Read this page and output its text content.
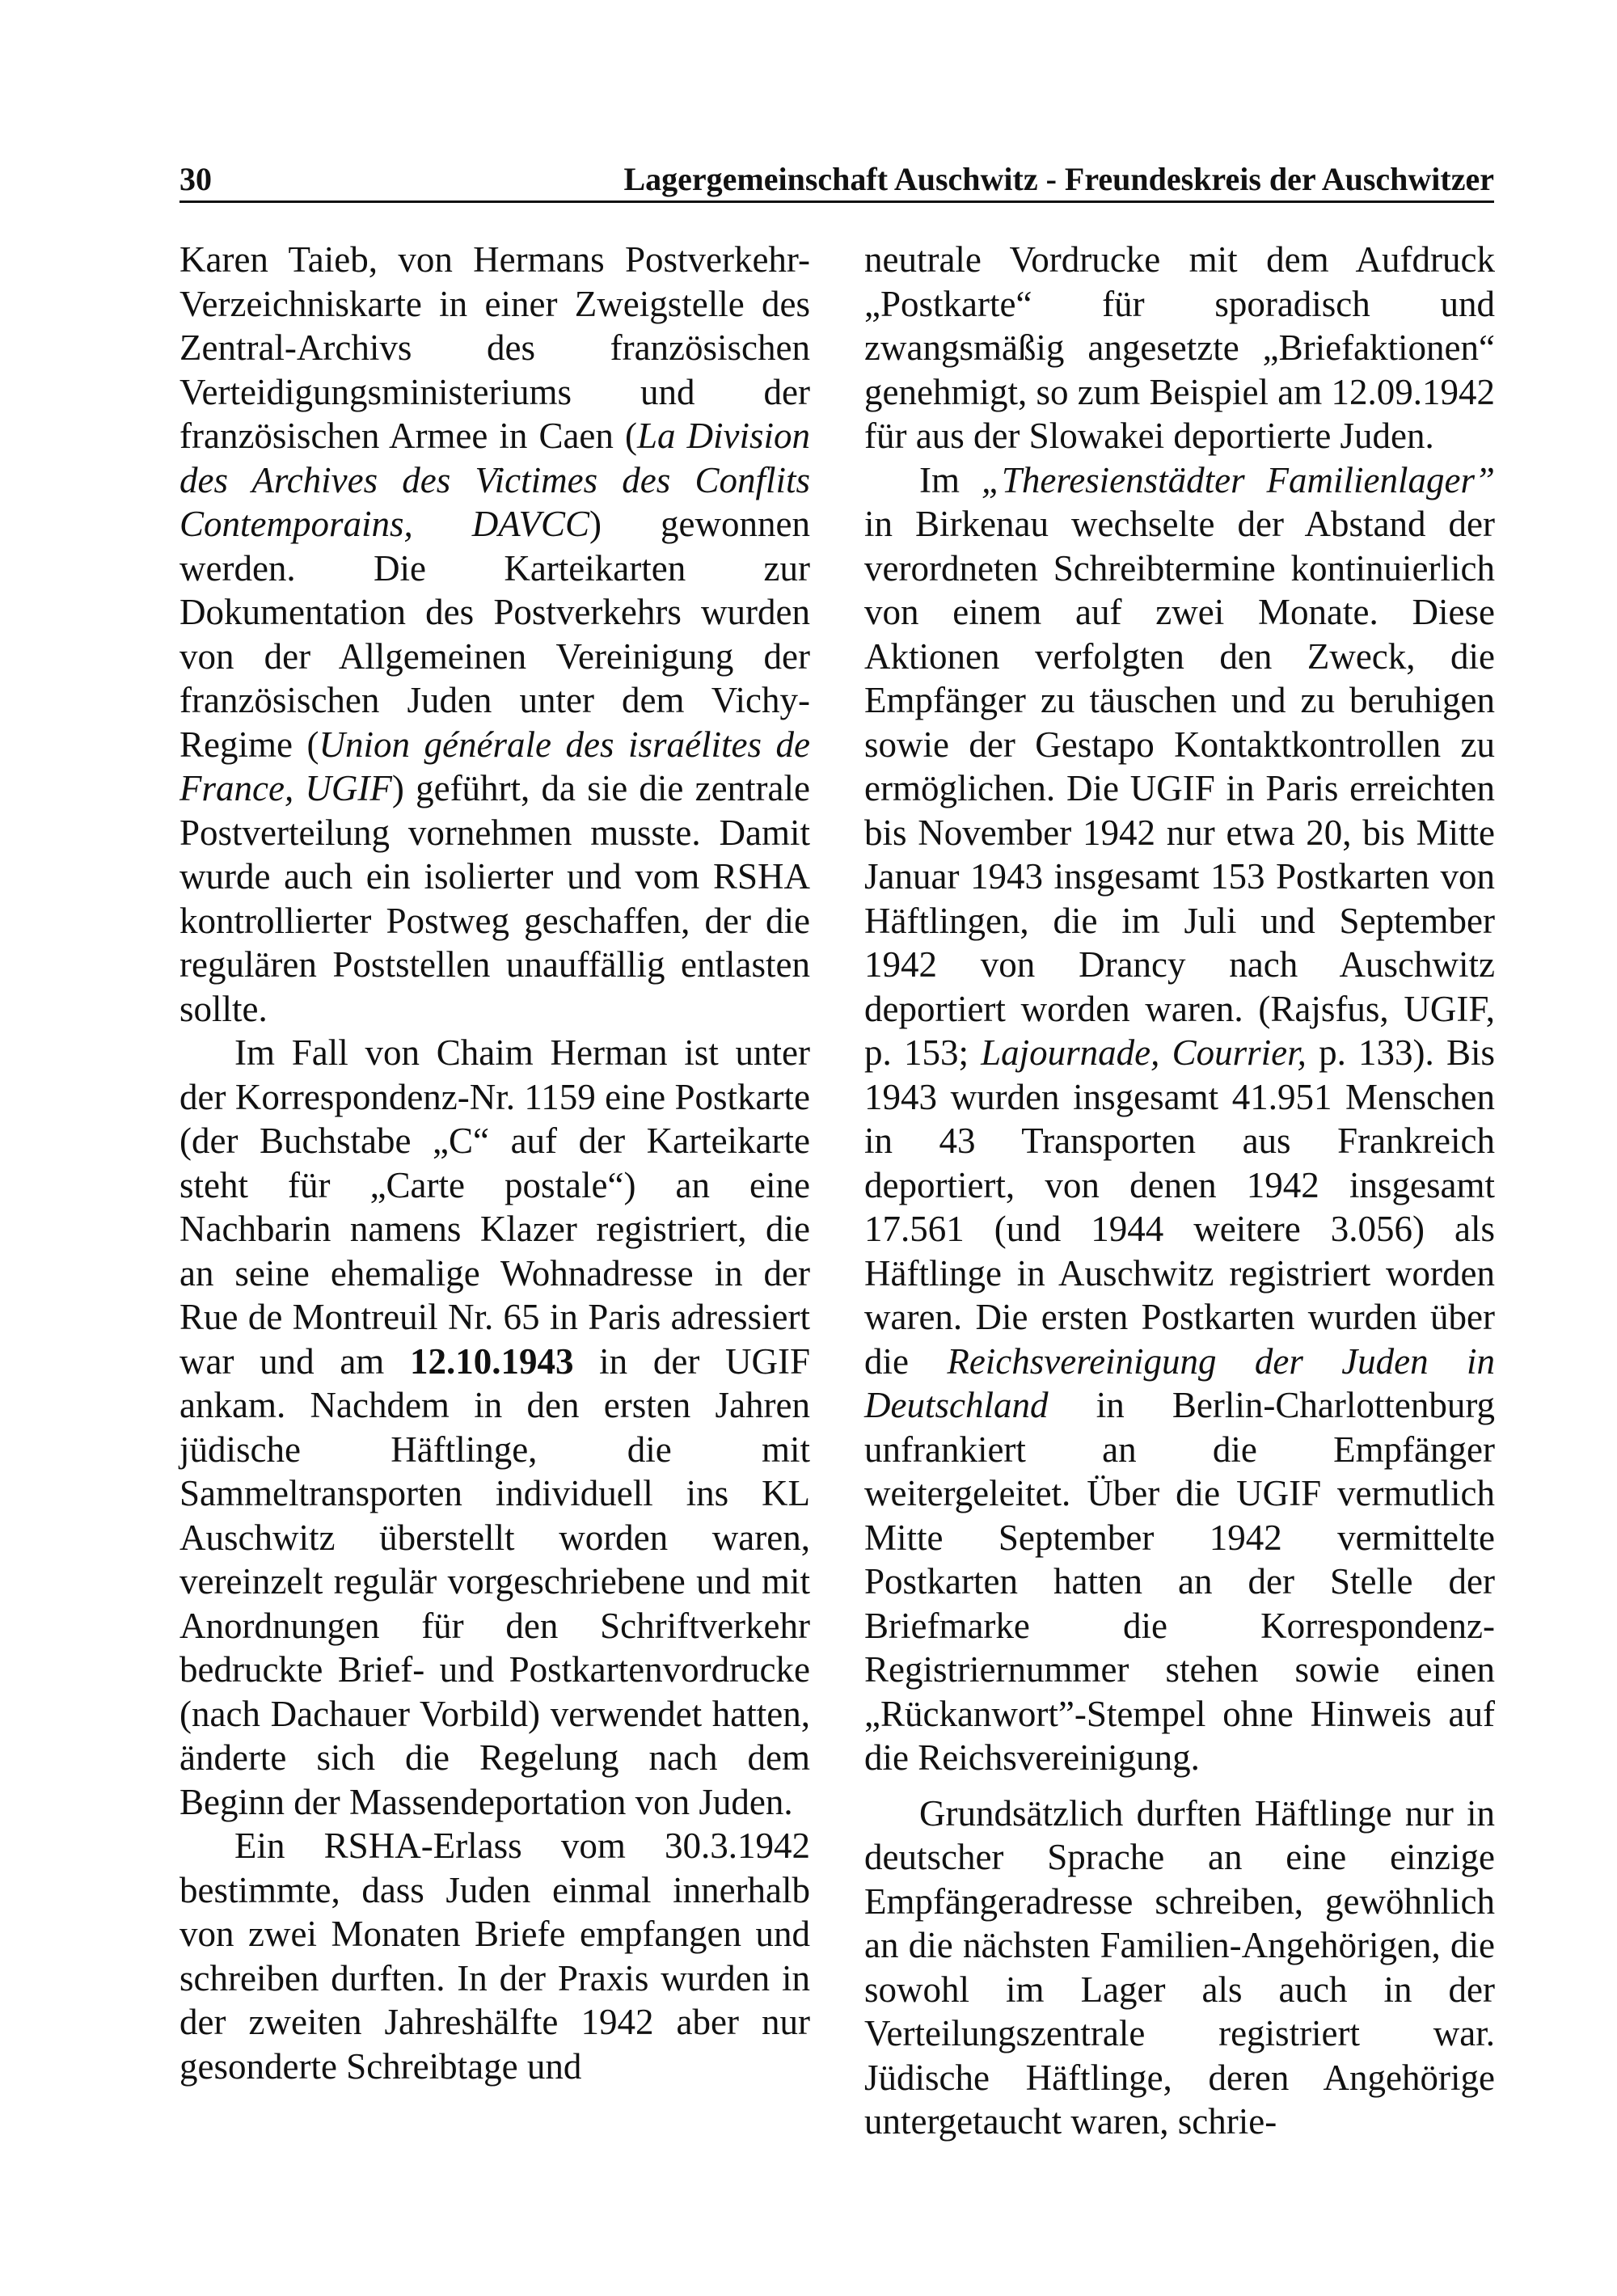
30	Lagergemeinschaft Auschwitz - Freundeskreis der Auschwitzer

Karen Taieb, von Hermans Postverkehr-Verzeichniskarte in einer Zweigstelle des Zentral-Archivs des französischen Verteidigungsministeriums und der französischen Armee in Caen (La Division des Archives des Victimes des Conflits Contemporains, DAVCC) gewonnen werden. Die Karteikarten zur Dokumentation des Postverkehrs wurden von der Allgemeinen Vereinigung der französischen Juden unter dem Vichy-Regime (Union générale des israélites de France, UGIF) geführt, da sie die zentrale Postverteilung vornehmen musste. Damit wurde auch ein isolierter und vom RSHA kontrollierter Postweg geschaffen, der die regulären Poststellen unauffällig entlasten sollte.

Im Fall von Chaim Herman ist unter der Korrespondenz-Nr. 1159 eine Postkarte (der Buchstabe „C“ auf der Karteikarte steht für „Carte postale“) an eine Nachbarin namens Klazer registriert, die an seine ehemalige Wohnadresse in der Rue de Montreuil Nr. 65 in Paris adressiert war und am 12.10.1943 in der UGIF ankam. Nachdem in den ersten Jahren jüdische Häftlinge, die mit Sammeltransporten individuell ins KL Auschwitz überstellt worden waren, vereinzelt regulär vorgeschriebene und mit Anordnungen für den Schriftverkehr bedruckte Brief- und Postkartenvordrucke (nach Dachauer Vorbild) verwendet hatten, änderte sich die Regelung nach dem Beginn der Massendeportation von Juden.

Ein RSHA-Erlass vom 30.3.1942 bestimmte, dass Juden einmal innerhalb von zwei Monaten Briefe empfangen und schreiben durften. In der Praxis wurden in der zweiten Jahreshälfte 1942 aber nur gesonderte Schreibtage und

neutrale Vordrucke mit dem Aufdruck „Postkarte“ für sporadisch und zwangsmäßig angesetzte „Briefaktionen“ genehmigt, so zum Beispiel am 12.09.1942 für aus der Slowakei deportierte Juden.

Im „Theresienstädter Familienlager” in Birkenau wechselte der Abstand der verordneten Schreibtermine kontinuierlich von einem auf zwei Monate. Diese Aktionen verfolgten den Zweck, die Empfänger zu täuschen und zu beruhigen sowie der Gestapo Kontaktkontrollen zu ermöglichen. Die UGIF in Paris erreichten bis November 1942 nur etwa 20, bis Mitte Januar 1943 insgesamt 153 Postkarten von Häftlingen, die im Juli und September 1942 von Drancy nach Auschwitz deportiert worden waren. (Rajsfus, UGIF, p. 153; Lajournade, Courrier, p. 133). Bis 1943 wurden insgesamt 41.951 Menschen in 43 Transporten aus Frankreich deportiert, von denen 1942 insgesamt 17.561 (und 1944 weitere 3.056) als Häftlinge in Auschwitz registriert worden waren. Die ersten Postkarten wurden über die Reichsvereinigung der Juden in Deutschland in Berlin-Charlottenburg unfrankiert an die Empfänger weitergeleitet. Über die UGIF vermutlich Mitte September 1942 vermittelte Postkarten hatten an der Stelle der Briefmarke die Korrespondenz-Registriernummer stehen sowie einen „Rückanwort”-Stempel ohne Hinweis auf die Reichsvereinigung.

Grundsätzlich durften Häftlinge nur in deutscher Sprache an eine einzige Empfängeradresse schreiben, gewöhnlich an die nächsten Familien-Angehörigen, die sowohl im Lager als auch in der Verteilungszentrale registriert war. Jüdische Häftlinge, deren Angehörige untergetaucht waren, schrie-
